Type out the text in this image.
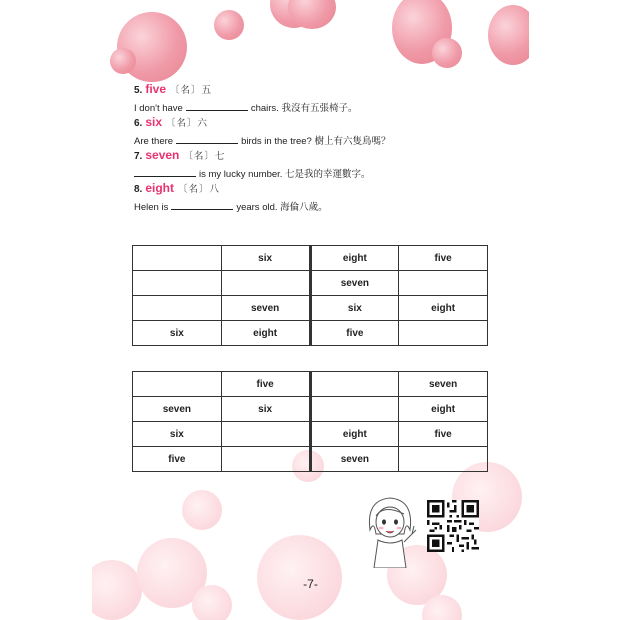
5. five 〔名〕五
I don't have	chairs. 我沒有五張椅子。
6. six 〔名〕六
Are there	birds in the tree? 樹上有六隻鳥嗎？
7. seven 〔名〕七
is my lucky number. 七是我的幸運數字。
8. eight 〔名〕八
Helen is	years old. 海倫八歲。
	six	eight	five
		seven	
	seven	six	eight
six	eight	five	
	five		seven
seven	six		eight
six		eight	five
five		seven	
-7-
